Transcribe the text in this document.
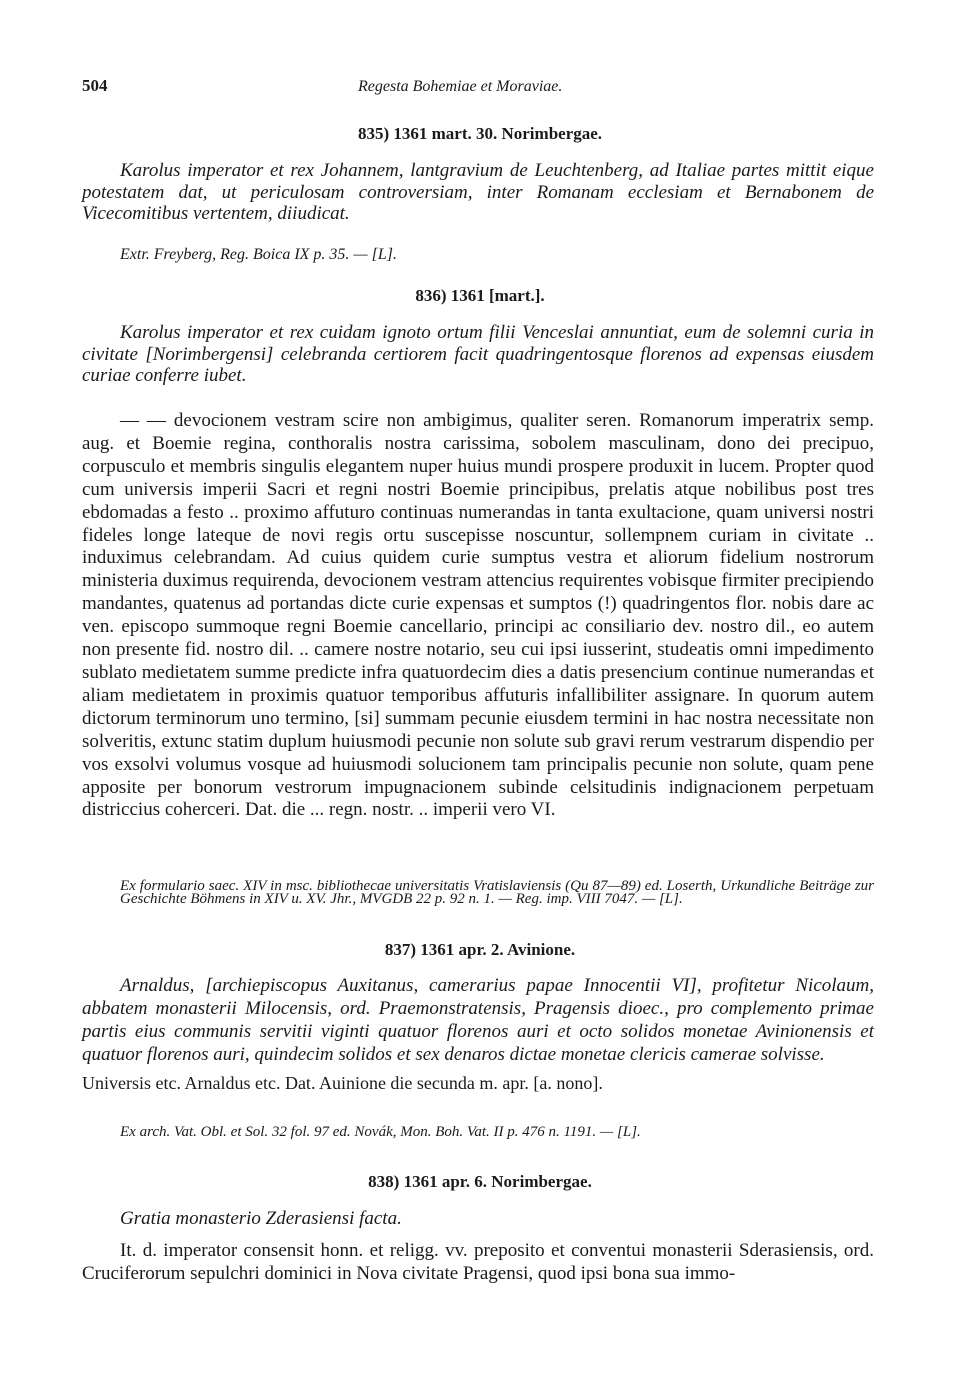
504	Regesta Bohemiae et Moraviae.
835) 1361 mart. 30. Norimbergae.
Karolus imperator et rex Johannem, lantgravium de Leuchtenberg, ad Italiae partes mittit eique potestatem dat, ut periculosam controversiam, inter Romanam ecclesiam et Bernabonem de Vicecomitibus vertentem, diiudicat.
Extr. Freyberg, Reg. Boica IX p. 35. — [L].
836) 1361 [mart.].
Karolus imperator et rex cuidam ignoto ortum filii Venceslai annuntiat, eum de solemni curia in civitate [Norimbergensi] celebranda certiorem facit quadringentosque florenos ad expensas eiusdem curiae conferre iubet.
— — devocionem vestram scire non ambigimus, qualiter seren. Romanorum imperatrix semp. aug. et Boemie regina, conthoralis nostra carissima, sobolem masculinam, dono dei precipuo, corpusculo et membris singulis elegantem nuper huius mundi prospere produxit in lucem. Propter quod cum universis imperii Sacri et regni nostri Boemie principibus, prelatis atque nobilibus post tres ebdomadas a festo .. proximo affuturo continuas numerandas in tanta exultacione, quam universi nostri fideles longe lateque de novi regis ortu suscepisse noscuntur, sollempnem curiam in civitate .. induximus celebrandam. Ad cuius quidem curie sumptus vestra et aliorum fidelium nostrorum ministeria duximus requirenda, devocionem vestram attencius requirentes vobisque firmiter precipiendo mandantes, quatenus ad portandas dicte curie expensas et sumptos (!) quadringentos flor. nobis dare ac ven. episcopo summoque regni Boemie cancellario, principi ac consiliario dev. nostro dil., eo autem non presente fid. nostro dil. .. camere nostre notario, seu cui ipsi iusserint, studeatis omni impedimento sublato medietatem summe predicte infra quatuordecim dies a datis presencium continue numerandas et aliam medietatem in proximis quatuor temporibus affuturis infallibiliter assignare. In quorum autem dictorum terminorum uno termino, [si] summam pecunie eiusdem termini in hac nostra necessitate non solveritis, extunc statim duplum huiusmodi pecunie non solute sub gravi rerum vestrarum dispendio per vos exsolvi volumus vosque ad huiusmodi solucionem tam principalis pecunie non solute, quam pene apposite per bonorum vestrorum impugnacionem subinde celsitudinis indignacionem perpetuam districcius coherceri. Dat. die ... regn. nostr. .. imperii vero VI.
Ex formulario saec. XIV in msc. bibliothecae universitatis Vratislaviensis (Qu 87—89) ed. Loserth, Urkundliche Beiträge zur Geschichte Böhmens in XIV u. XV. Jhr., MVGDB 22 p. 92 n. 1. — Reg. imp. VIII 7047. — [L].
837) 1361 apr. 2. Avinione.
Arnaldus, [archiepiscopus Auxitanus, camerarius papae Innocentii VI], profitetur Nicolaum, abbatem monasterii Milocensis, ord. Praemonstratensis, Pragensis dioec., pro complemento primae partis eius communis servitii viginti quatuor florenos auri et octo solidos monetae Avinionensis et quatuor florenos auri, quindecim solidos et sex denaros dictae monetae clericis camerae solvisse.
Universis etc. Arnaldus etc. Dat. Auinione die secunda m. apr. [a. nono].
Ex arch. Vat. Obl. et Sol. 32 fol. 97 ed. Novák, Mon. Boh. Vat. II p. 476 n. 1191. — [L].
838) 1361 apr. 6. Norimbergae.
Gratia monasterio Zderasiensi facta.
It. d. imperator consensit honn. et religg. vv. preposito et conventui monasterii Sderasiensis, ord. Cruciferorum sepulchri dominici in Nova civitate Pragensi, quod ipsi bona sua immo-
